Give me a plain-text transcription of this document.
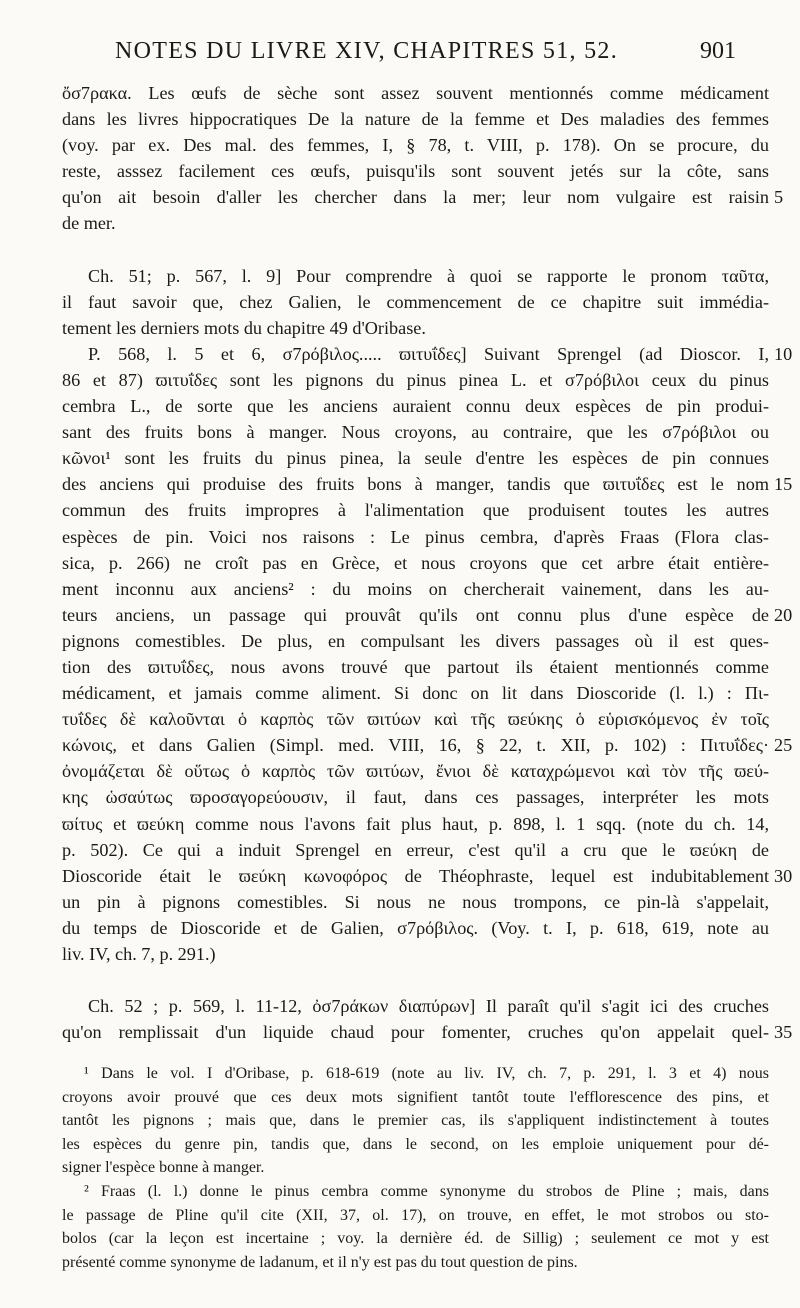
NOTES DU LIVRE XIV, CHAPITRES 51, 52.	901
ὄσ7ρακα. Les œufs de sèche sont assez souvent mentionnés comme médicament
dans les livres hippocratiques De la nature de la femme et Des maladies des femmes
(voy. par ex. Des mal. des femmes, I, § 78, t. VIII, p. 178). On se procure, du
reste, asssez facilement ces œufs, puisqu'ils sont souvent jetés sur la côte, sans
qu'on ait besoin d'aller les chercher dans la mer; leur nom vulgaire est raisin 5
de mer.
Ch. 51; p. 567, l. 9] Pour comprendre à quoi se rapporte le pronom ταῦτα,
il faut savoir que, chez Galien, le commencement de ce chapitre suit immédia-
tement les derniers mots du chapitre 49 d'Oribase.
P. 568, l. 5 et 6, σ7ρόβιλος..... ϖιτυΐδες] Suivant Sprengel (ad Dioscor. I, 10
86 et 87) ϖιτυΐδες sont les pignons du pinus pinea L. et σ7ρόβιλοι ceux du pinus
cembra L., de sorte que les anciens auraient connu deux espèces de pin produi-
sant des fruits bons à manger. Nous croyons, au contraire, que les σ7ρόβιλοι ou
κῶνοι¹ sont les fruits du pinus pinea, la seule d'entre les espèces de pin connues
des anciens qui produise des fruits bons à manger, tandis que ϖιτυΐδες est le nom 15
commun des fruits impropres à l'alimentation que produisent toutes les autres
espèces de pin. Voici nos raisons : Le pinus cembra, d'après Fraas (Flora clas-
sica, p. 266) ne croît pas en Grèce, et nous croyons que cet arbre était entière-
ment inconnu aux anciens² : du moins on chercherait vainement, dans les au-
teurs anciens, un passage qui prouvât qu'ils ont connu plus d'une espèce de 20
pignons comestibles. De plus, en compulsant les divers passages où il est ques-
tion des ϖιτυΐδες, nous avons trouvé que partout ils étaient mentionnés comme
médicament, et jamais comme aliment. Si donc on lit dans Dioscoride (l. l.) : Πι-
τυΐδες δὲ καλοῦνται ὁ καρπὸς τῶν ϖιτύων καὶ τῆς ϖεύκης ὁ εὑρισκόμενος ἐν τοῖς
κώνοις, et dans Galien (Simpl. med. VIII, 16, § 22, t. XII, p. 102) : Πιτυΐδες· 25
ὀνομάζεται δὲ οὕτως ὁ καρπὸς τῶν ϖιτύων, ἔνιοι δὲ καταχρώμενοι καὶ τὸν τῆς ϖεύ-
κης ὡσαύτως ϖροσαγορεύουσιν, il faut, dans ces passages, interpréter les mots
ϖίτυς et ϖεύκη comme nous l'avons fait plus haut, p. 898, l. 1 sqq. (note du ch. 14,
p. 502). Ce qui a induit Sprengel en erreur, c'est qu'il a cru que le ϖεύκη de
Dioscoride était le ϖεύκη κωνοφόρος de Théophraste, lequel est indubitablement 30
un pin à pignons comestibles. Si nous ne nous trompons, ce pin-là s'appelait,
du temps de Dioscoride et de Galien, σ7ρόβιλος. (Voy. t. I, p. 618, 619, note au
liv. IV, ch. 7, p. 291.)
Ch. 52 ; p. 569, l. 11-12, ὀσ7ράκων διαπύρων] Il paraît qu'il s'agit ici des cruches
qu'on remplissait d'un liquide chaud pour fomenter, cruches qu'on appelait quel- 35
¹ Dans le vol. I d'Oribase, p. 618-619 (note au liv. IV, ch. 7, p. 291, l. 3 et 4) nous
croyons avoir prouvé que ces deux mots signifient tantôt toute l'efflorescence des pins, et
tantôt les pignons ; mais que, dans le premier cas, ils s'appliquent indistinctement à toutes
les espèces du genre pin, tandis que, dans le second, on les emploie uniquement pour dé-
signer l'espèce bonne à manger.
² Fraas (l. l.) donne le pinus cembra comme synonyme du strobos de Pline ; mais, dans
le passage de Pline qu'il cite (XII, 37, ol. 17), on trouve, en effet, le mot strobos ou sto-
bolos (car la leçon est incertaine ; voy. la dernière éd. de Sillig) ; seulement ce mot y est
présenté comme synonyme de ladanum, et il n'y est pas du tout question de pins.
